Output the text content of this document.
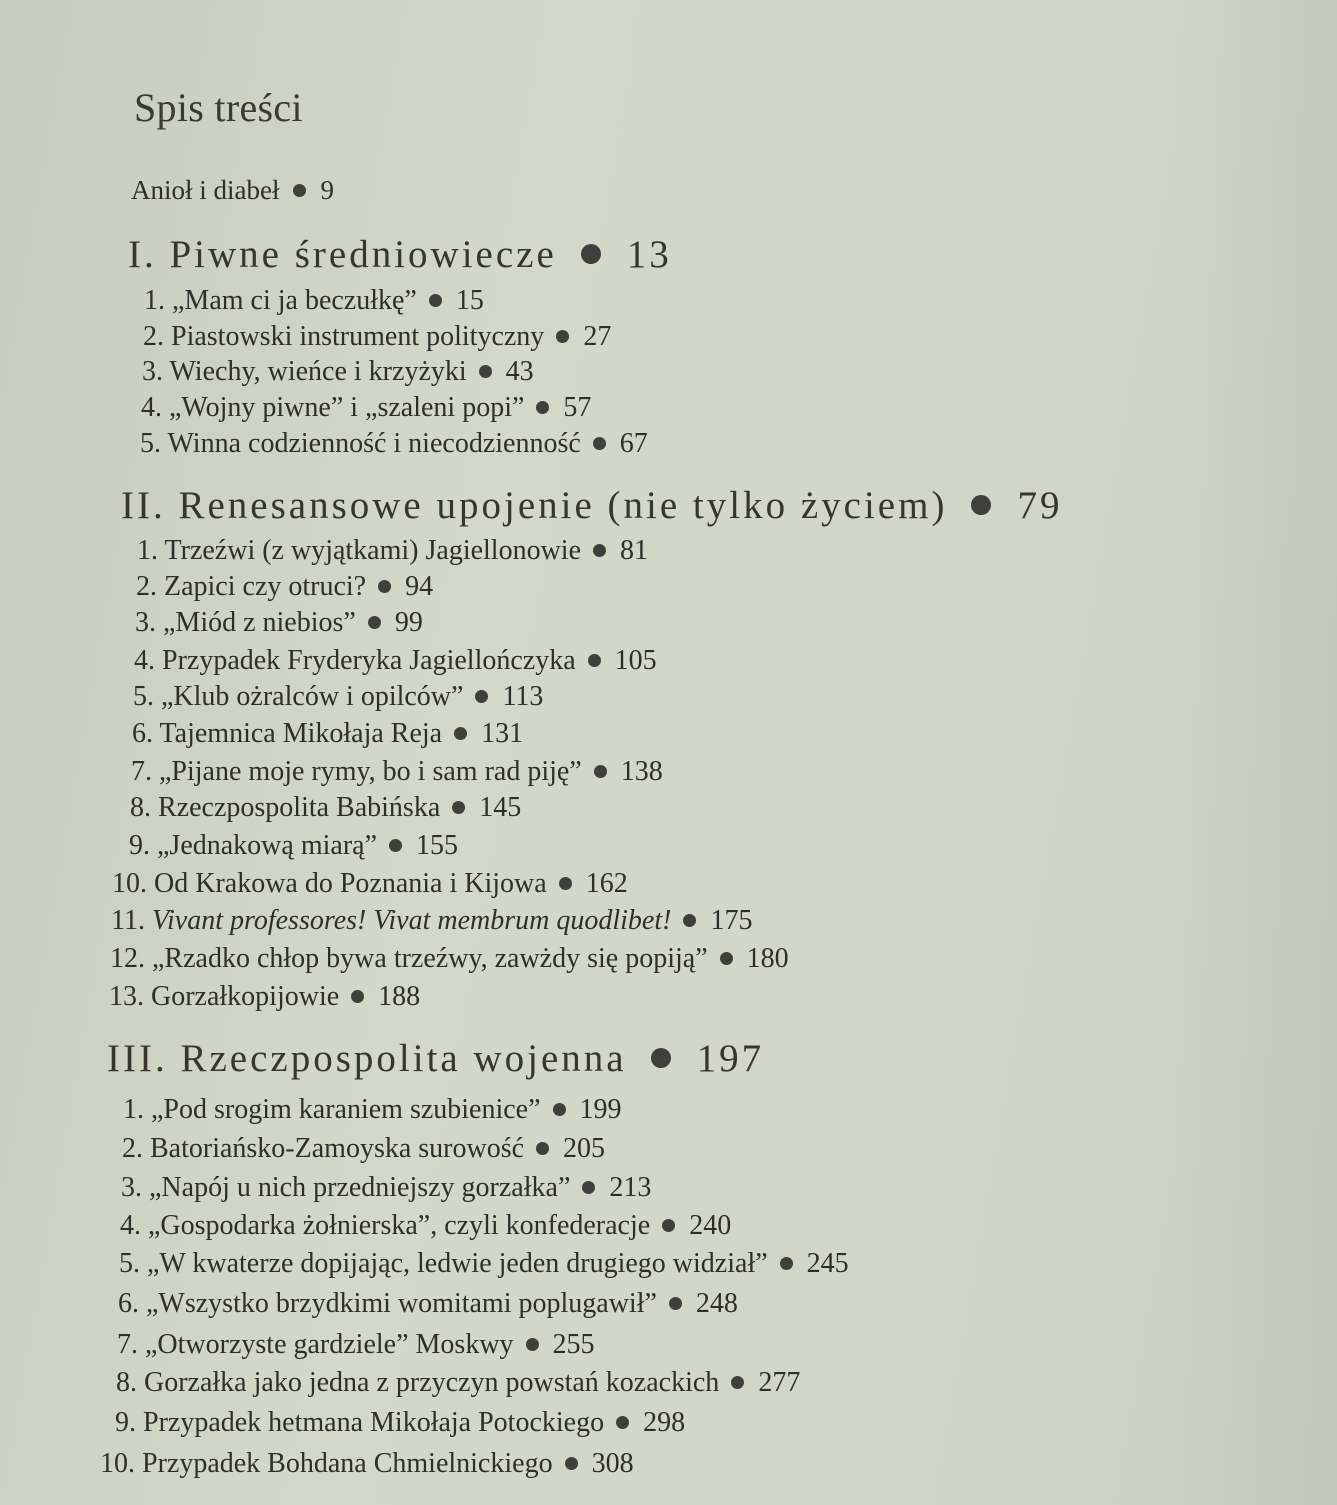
Spis treści
Anioł i diabeł 9
I. Piwne średniowiecze 13
1. „Mam ci ja beczułkę” 15
2. Piastowski instrument polityczny 27
3. Wiechy, wieńce i krzyżyki 43
4. „Wojny piwne” i „szaleni popi” 57
5. Winna codzienność i niecodzienność 67
II. Renesansowe upojenie (nie tylko życiem) 79
1. Trzeźwi (z wyjątkami) Jagiellonowie 81
2. Zapici czy otruci? 94
3. „Miód z niebios” 99
4. Przypadek Fryderyka Jagiellończyka 105
5. „Klub ożralców i opilców” 113
6. Tajemnica Mikołaja Reja 131
7. „Pijane moje rymy, bo i sam rad piję” 138
8. Rzeczpospolita Babińska 145
9. „Jednakową miarą” 155
10. Od Krakowa do Poznania i Kijowa 162
11. Vivant professores! Vivat membrum quodlibet! 175
12. „Rzadko chłop bywa trzeźwy, zawżdy się popiją” 180
13. Gorzałkopijowie 188
III. Rzeczpospolita wojenna 197
1. „Pod srogim karaniem szubienice” 199
2. Batoriańsko-Zamoyska surowość 205
3. „Napój u nich przedniejszy gorzałka” 213
4. „Gospodarka żołnierska”, czyli konfederacje 240
5. „W kwaterze dopijając, ledwie jeden drugiego widział” 245
6. „Wszystko brzydkimi womitami poplugawił” 248
7. „Otworzyste gardziele” Moskwy 255
8. Gorzałka jako jedna z przyczyn powstań kozackich 277
9. Przypadek hetmana Mikołaja Potockiego 298
10. Przypadek Bohdana Chmielnickiego 308
